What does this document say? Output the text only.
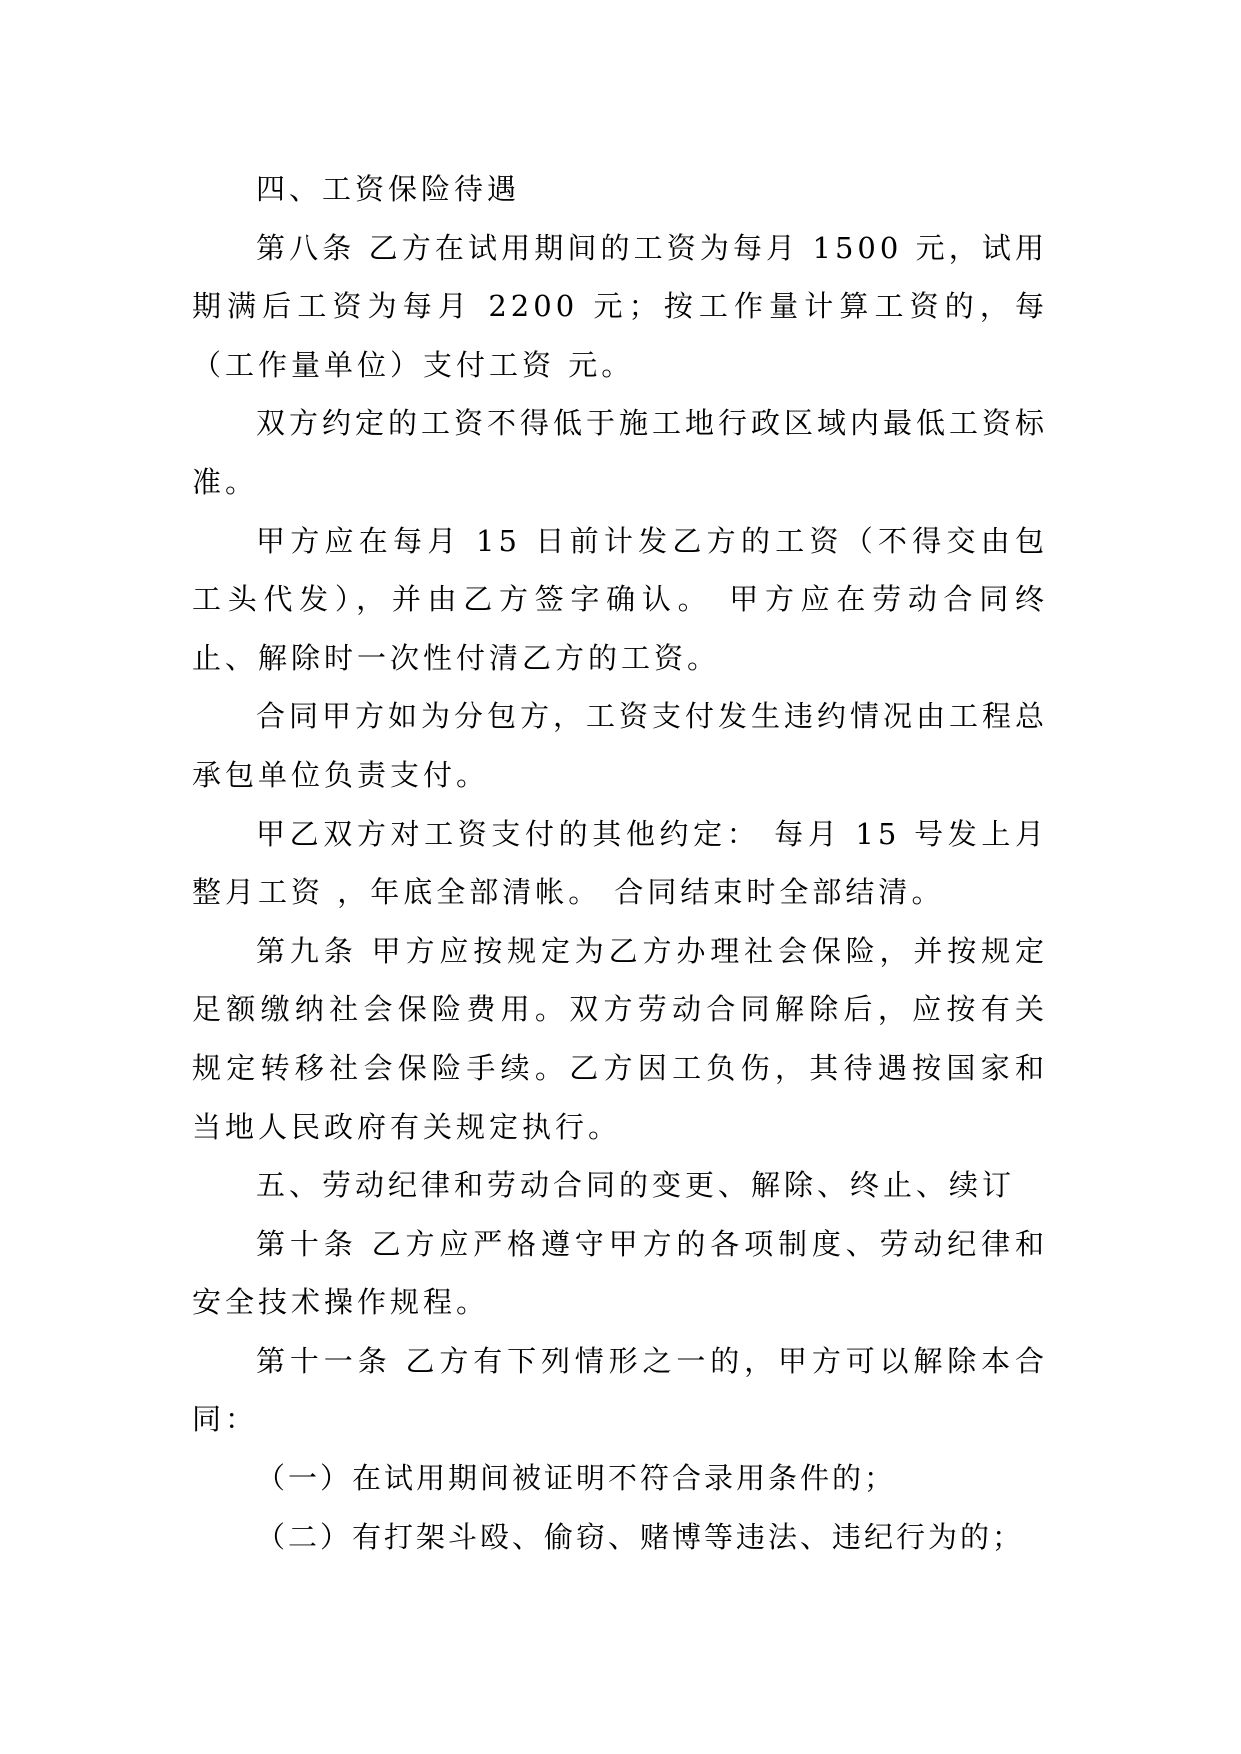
四、工资保险待遇

第八条 乙方在试用期间的工资为每月 1500 元，试用期满后工资为每月 2200 元；按工作量计算工资的，每 （工作量单位）支付工资 元。

双方约定的工资不得低于施工地行政区域内最低工资标准。

甲方应在每月 15 日前计发乙方的工资（不得交由包工头代发），并由乙方签字确认。 甲方应在劳动合同终止、解除时一次性付清乙方的工资。

合同甲方如为分包方，工资支付发生违约情况由工程总承包单位负责支付。

甲乙双方对工资支付的其他约定： 每月 15 号发上月整月工资 ，年底全部清帐。 合同结束时全部结清。

第九条 甲方应按规定为乙方办理社会保险，并按规定足额缴纳社会保险费用。双方劳动合同解除后，应按有关规定转移社会保险手续。乙方因工负伤，其待遇按国家和当地人民政府有关规定执行。

五、劳动纪律和劳动合同的变更、解除、终止、续订

第十条 乙方应严格遵守甲方的各项制度、劳动纪律和安全技术操作规程。

第十一条 乙方有下列情形之一的，甲方可以解除本合同：

（一）在试用期间被证明不符合录用条件的；

（二）有打架斗殴、偷窃、赌博等违法、违纪行为的；
